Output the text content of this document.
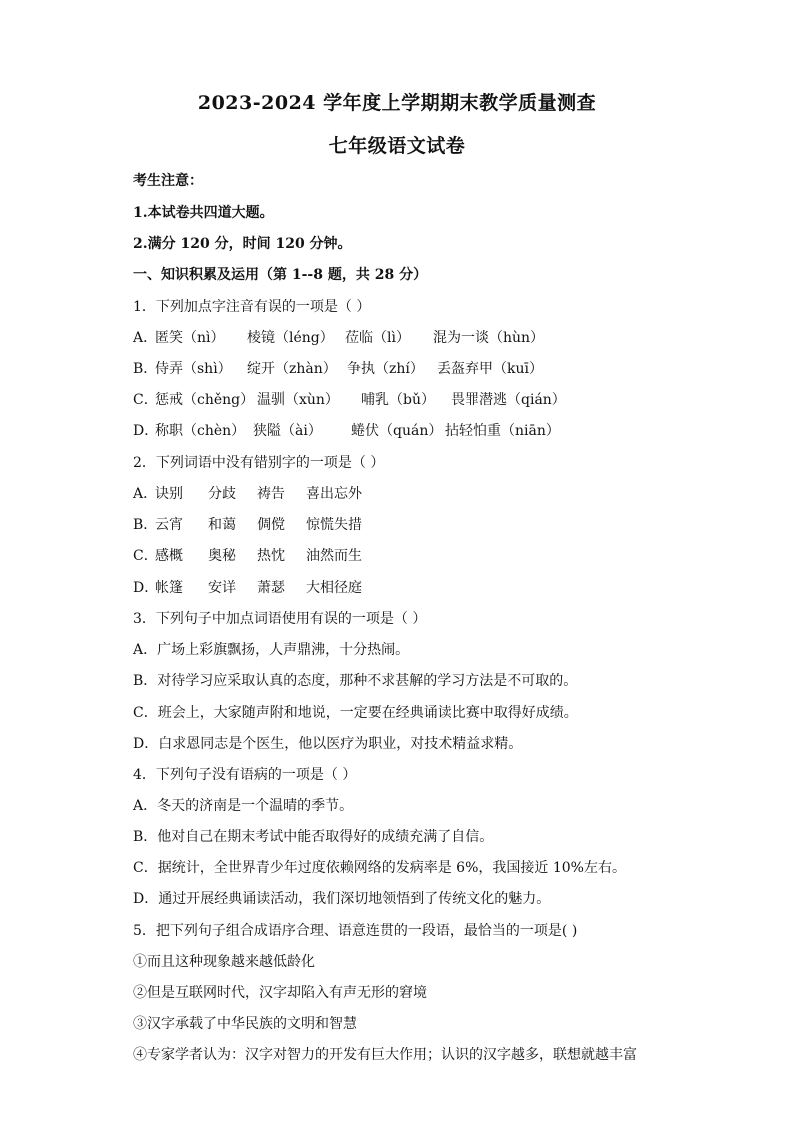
2023-2024 学年度上学期期末教学质量测查
七年级语文试卷
考生注意：
1.本试卷共四道大题。
2.满分 120 分，时间 120 分钟。
一、知识积累及运用（第 1--8 题，共 28 分）
1．下列加点字注音有误的一项是（ ）
A．匿笑（nì） 棱镜（léng） 莅临（lì） 混为一谈（hùn）
B．侍弄（shì） 绽开（zhàn） 争执（zhí） 丢盔弃甲（kuī）
C．惩戒（chěng） 温驯（xùn） 哺乳（bǔ） 畏罪潜逃（qián）
D．称职（chèn） 狭隘（ài） 蜷伏（quán） 拈轻怕重（niān）
2．下列词语中没有错别字的一项是（ ）
A．诀别 分歧 祷告 喜出忘外
B．云宵 和蔼 倜傥 惊慌失措
C．感概 奥秘 热忱 油然而生
D．帐篷 安详 萧瑟 大相径庭
3．下列句子中加点词语使用有误的一项是（ ）
A．广场上彩旗飘扬，人声鼎沸，十分热闹。
B．对待学习应采取认真的态度，那种不求甚解的学习方法是不可取的。
C．班会上，大家随声附和地说，一定要在经典诵读比赛中取得好成绩。
D．白求恩同志是个医生，他以医疗为职业，对技术精益求精。
4．下列句子没有语病的一项是（ ）
A．冬天的济南是一个温晴的季节。
B．他对自己在期末考试中能否取得好的成绩充满了自信。
C．据统计，全世界青少年过度依赖网络的发病率是 6%，我国接近 10%左右。
D．通过开展经典诵读活动，我们深切地领悟到了传统文化的魅力。
5．把下列句子组合成语序合理、语意连贯的一段语，最恰当的一项是( )
①而且这种现象越来越低龄化
②但是互联网时代，汉字却陷入有声无形的窘境
③汉字承载了中华民族的文明和智慧
④专家学者认为：汉字对智力的开发有巨大作用；认识的汉字越多，联想就越丰富
